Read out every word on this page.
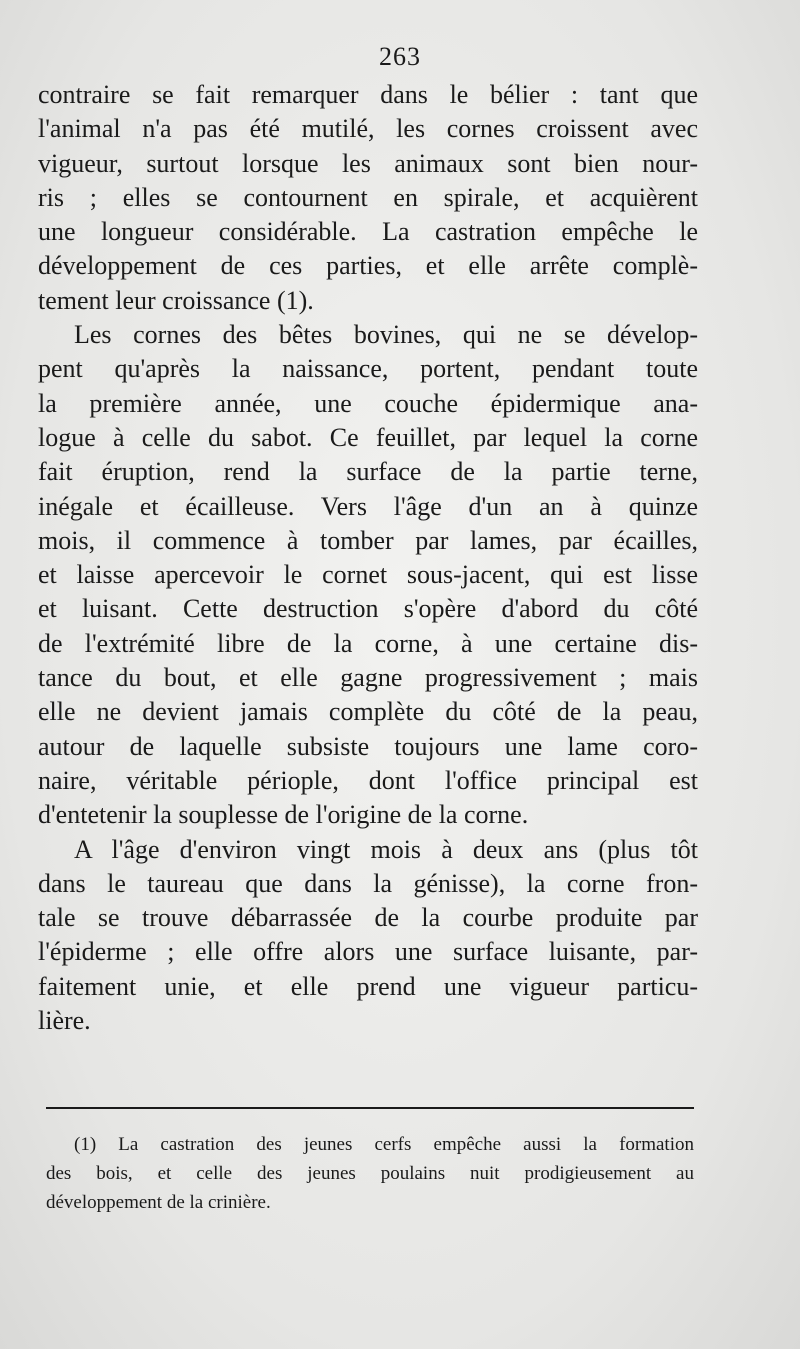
263
contraire se fait remarquer dans le bélier : tant que
l'animal n'a pas été mutilé, les cornes croissent avec
vigueur, surtout lorsque les animaux sont bien nour-
ris ; elles se contournent en spirale, et acquièrent
une longueur considérable. La castration empêche le
développement de ces parties, et elle arrête complè-
tement leur croissance (1).
Les cornes des bêtes bovines, qui ne se dévelop-
pent qu'après la naissance, portent, pendant toute
la première année, une couche épidermique ana-
logue à celle du sabot. Ce feuillet, par lequel la corne
fait éruption, rend la surface de la partie terne,
inégale et écailleuse. Vers l'âge d'un an à quinze
mois, il commence à tomber par lames, par écailles,
et laisse apercevoir le cornet sous-jacent, qui est lisse
et luisant. Cette destruction s'opère d'abord du côté
de l'extrémité libre de la corne, à une certaine dis-
tance du bout, et elle gagne progressivement ; mais
elle ne devient jamais complète du côté de la peau,
autour de laquelle subsiste toujours une lame coro-
naire, véritable périople, dont l'office principal est
d'entetenir la souplesse de l'origine de la corne.
A l'âge d'environ vingt mois à deux ans (plus tôt
dans le taureau que dans la génisse), la corne fron-
tale se trouve débarrassée de la courbe produite par
l'épiderme ; elle offre alors une surface luisante, par-
faitement unie, et elle prend une vigueur particu-
lière.
(1) La castration des jeunes cerfs empêche aussi la formation
des bois, et celle des jeunes poulains nuit prodigieusement au
développement de la crinière.
